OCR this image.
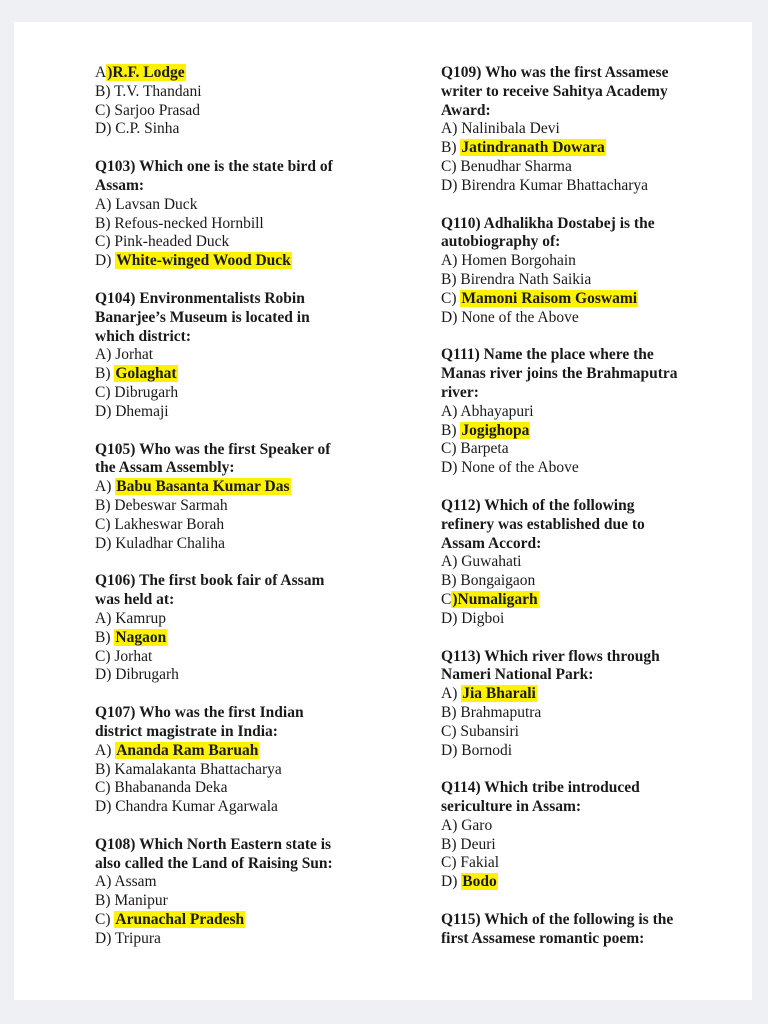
A)R.F. Lodge
B) T.V. Thandani
C) Sarjoo Prasad
D) C.P. Sinha
Q103) Which one is the state bird of
Assam:
A) Lavsan Duck
B) Refous-necked Hornbill
C) Pink-headed Duck
D) White-winged Wood Duck
Q104) Environmentalists Robin
Banarjee’s Museum is located in
which district:
A) Jorhat
B) Golaghat
C) Dibrugarh
D) Dhemaji
Q105) Who was the first Speaker of
the Assam Assembly:
A) Babu Basanta Kumar Das
B) Debeswar Sarmah
C) Lakheswar Borah
D) Kuladhar Chaliha
Q106) The first book fair of Assam
was held at:
A) Kamrup
B) Nagaon
C) Jorhat
D) Dibrugarh
Q107) Who was the first Indian
district magistrate in India:
A) Ananda Ram Baruah
B) Kamalakanta Bhattacharya
C) Bhabananda Deka
D) Chandra Kumar Agarwala
Q108) Which North Eastern state is
also called the Land of Raising Sun:
A) Assam
B) Manipur
C) Arunachal Pradesh
D) Tripura
Q109) Who was the first Assamese
writer to receive Sahitya Academy
Award:
A) Nalinibala Devi
B) Jatindranath Dowara
C) Benudhar Sharma
D) Birendra Kumar Bhattacharya
Q110) Adhalikha Dostabej is the
autobiography of:
A) Homen Borgohain
B) Birendra Nath Saikia
C) Mamoni Raisom Goswami
D) None of the Above
Q111) Name the place where the
Manas river joins the Brahmaputra
river:
A) Abhayapuri
B) Jogighopa
C) Barpeta
D) None of the Above
Q112) Which of the following
refinery was established due to
Assam Accord:
A) Guwahati
B) Bongaigaon
C)Numaligarh
D) Digboi
Q113) Which river flows through
Nameri National Park:
A) Jia Bharali
B) Brahmaputra
C) Subansiri
D) Bornodi
Q114) Which tribe introduced
sericulture in Assam:
A) Garo
B) Deuri
C) Fakial
D) Bodo
Q115) Which of the following is the
first Assamese romantic poem:
